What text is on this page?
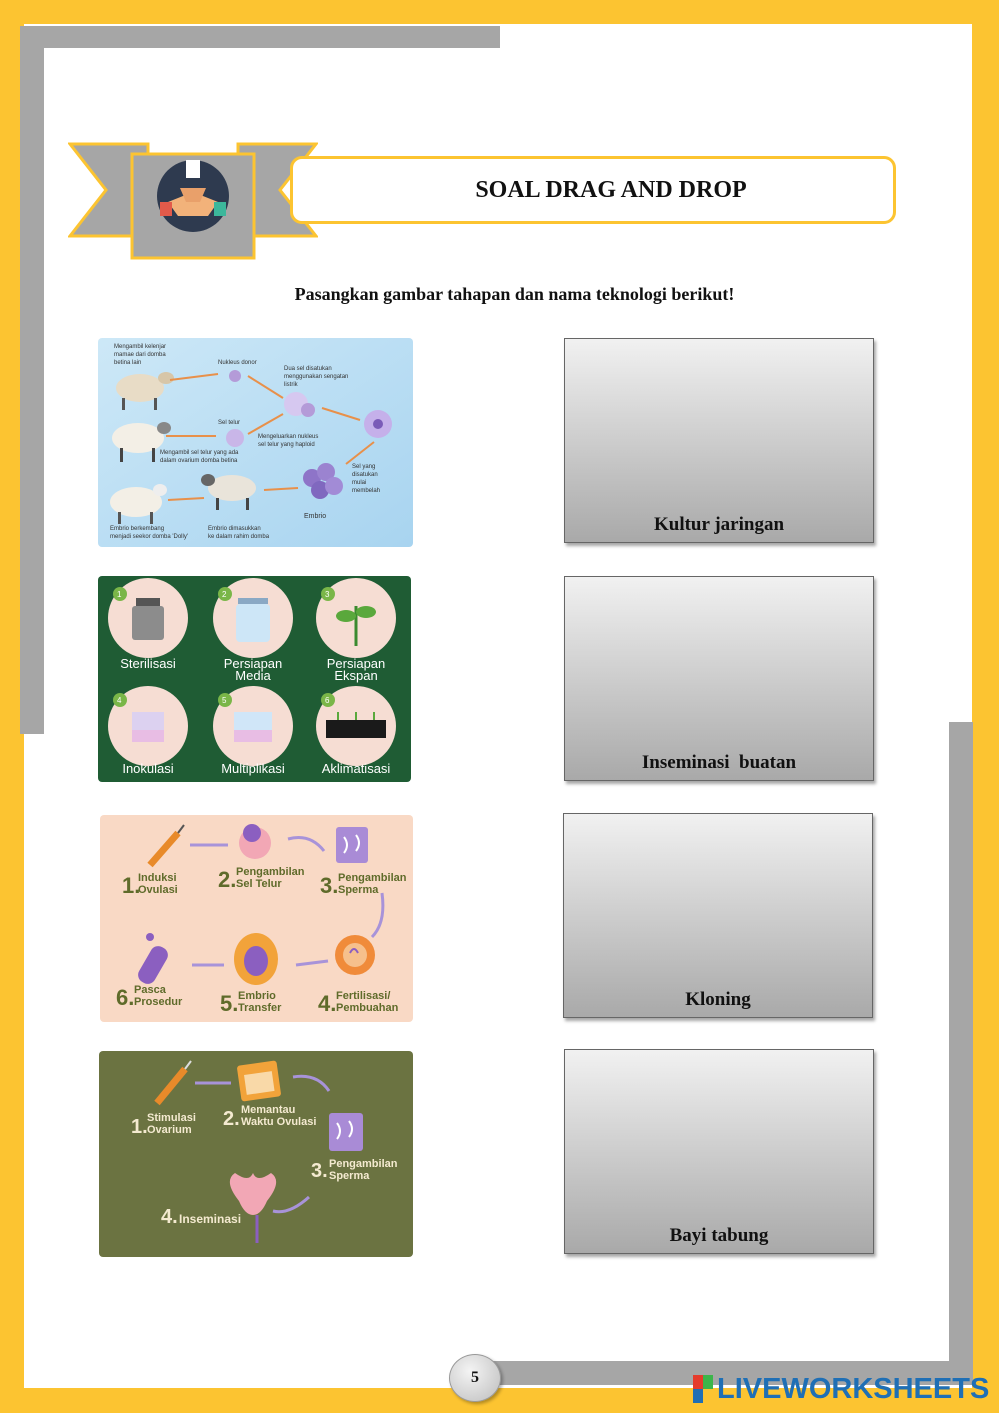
SOAL DRAG AND DROP
Pasangkan gambar tahapan dan nama teknologi berikut!
Mengambil kelenjar
mamae dari domba
betina lain	Nukleus donor
Dua sel disatukan
menggunakan sengatan
listrik
Sel telur
Mengeluarkan nukleus
sel telur yang haploid
Mengambil sel telur yang ada
dalam ovarium domba betina
Sel yang
disatukan
mulai
membelah
Embrio
Embrio berkembang
menjadi seekor domba 'Dolly'
Embrio dimasukkan
ke dalam rahim domba
1	2	3
Sterilisasi	Persiapan
Media
Persiapan
Ekspan
4	5	6
Inokulasi	Multiplikasi	Aklimatisasi
1.
Induksi
Ovulasi 2. Pengambilan
Sel Telur 3. Pengambilan
Sperma
6. Pasca
Prosedur 5. Embrio
Transfer 4. Fertilisasi/
Pembuahan
1. Stimulasi
Ovarium 2. Memantau
Waktu Ovulasi
3. Pengambilan
Sperma
4. Inseminasi
Kultur jaringan
Inseminasi  buatan
Kloning
Bayi tabung
5	LIVEWORKSHEETS
